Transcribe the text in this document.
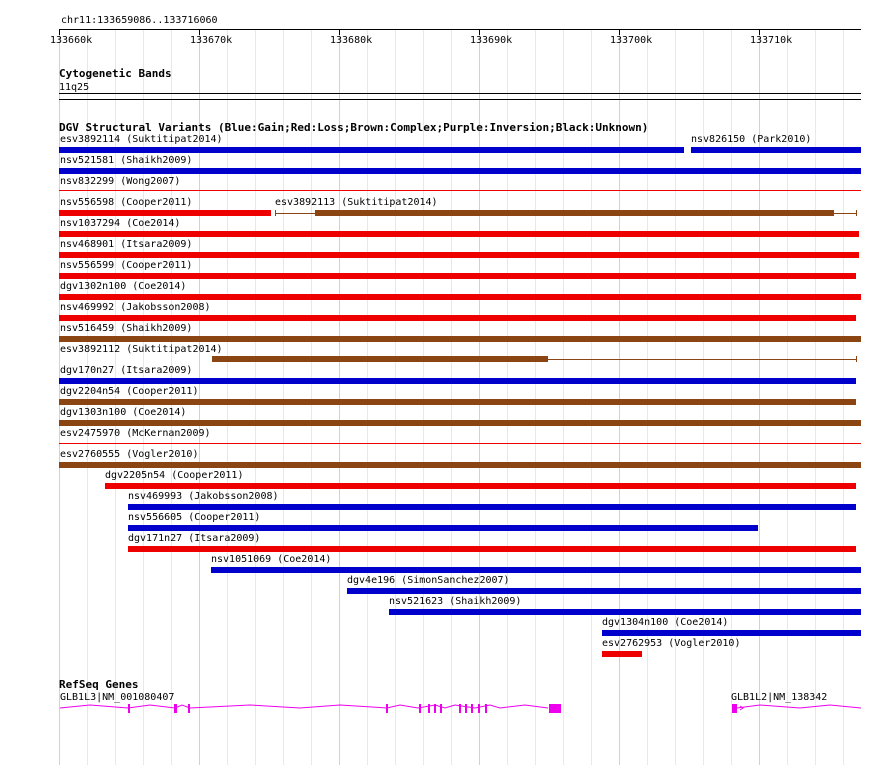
chr11:133659086..133716060
133660k	133670k	133680k	133690k	133700k	133710k
Cytogenetic Bands
11q25
DGV Structural Variants (Blue:Gain;Red:Loss;Brown:Complex;Purple:Inversion;Black:Unknown)
esv3892114 (Suktitipat2014)	nsv826150 (Park2010)
nsv521581 (Shaikh2009)
nsv832299 (Wong2007)
nsv556598 (Cooper2011)	esv3892113 (Suktitipat2014)
nsv1037294 (Coe2014)
nsv468901 (Itsara2009)
nsv556599 (Cooper2011)
dgv1302n100 (Coe2014)
nsv469992 (Jakobsson2008)
nsv516459 (Shaikh2009)
esv3892112 (Suktitipat2014)
dgv170n27 (Itsara2009)
dgv2204n54 (Cooper2011)
dgv1303n100 (Coe2014)
esv2475970 (McKernan2009)
esv2760555 (Vogler2010)
dgv2205n54 (Cooper2011)
nsv469993 (Jakobsson2008)
nsv556605 (Cooper2011)
dgv171n27 (Itsara2009)
nsv1051069 (Coe2014)
dgv4e196 (SimonSanchez2007)
nsv521623 (Shaikh2009)
dgv1304n100 (Coe2014)
esv2762953 (Vogler2010)
RefSeq Genes
GLB1L3|NM_001080407	GLB1L2|NM_138342
